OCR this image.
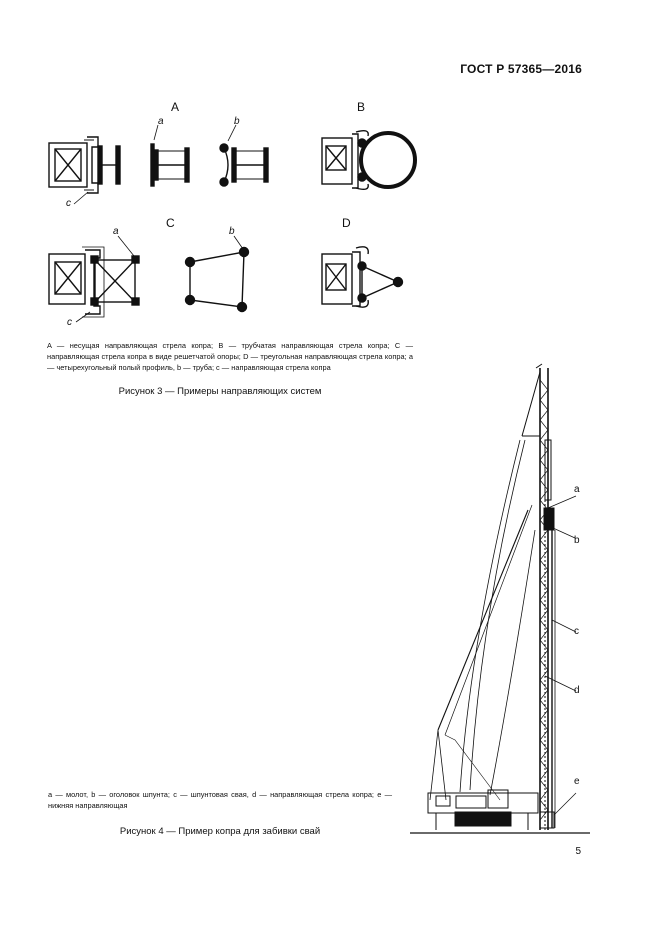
ГОСТ Р 57365—2016
A	B
C	D
a	b
c
a	b
c
A — несущая направляющая стрела копра; B — трубчатая направляющая стрела копра; C — направляющая стрела копра в виде решетчатой опоры; D — треугольная направляющая стрела копра; a — четырехугольный полый профиль, b — труба; c — направляющая стрела копра
Рисунок 3 — Примеры направляющих систем
a
b
c
d
e
a — молот, b — оголовок шпунта; c — шпунтовая свая, d — направляющая стрела копра; e — нижняя направляющая
Рисунок 4 — Пример копра для забивки свай
5
